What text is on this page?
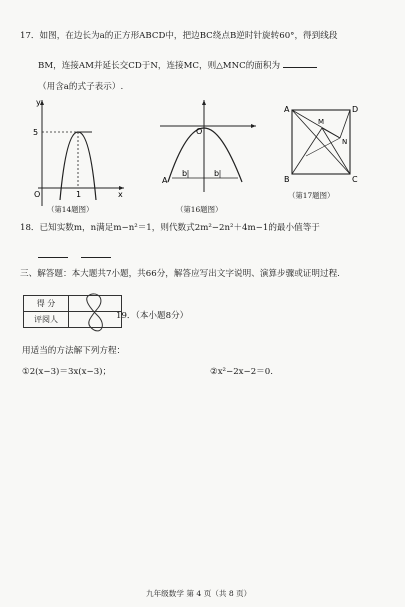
17．如图，在边长为a的正方形ABCD中，把边BC绕点B逆时针旋转60°，得到线段
BM，连接AM并延长交CD于N，连接MC，则△MNC的面积为
（用含a的式子表示）.
y
5
O	1	x
（第14题图）
A
b	b
O
（第16题图）
A	D
B	C
M
N
（第17题图）
18．已知实数m，n满足m−n²＝1，则代数式2m²−2n²＋4m−1的最小值等于

三、解答题：本大题共7小题，共66分，解答应写出文字说明、演算步骤或证明过程.
得 分	
评阅人		19．（本小题8分）
用适当的方法解下列方程：
①2(x−3)＝3x(x−3)；	②x²−2x−2＝0.
九年级数学 第 4 页（共 8 页）
